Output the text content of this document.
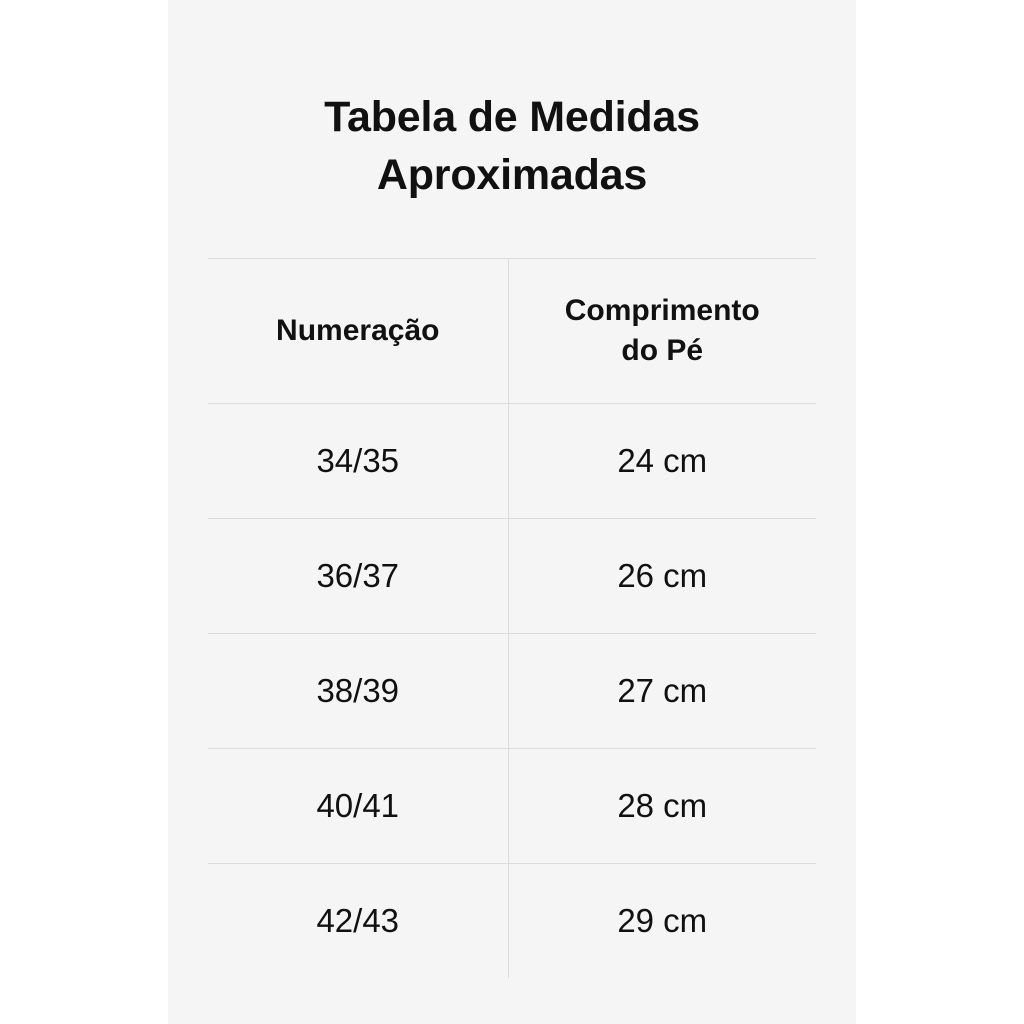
Tabela de Medidas
Aproximadas
Numeração	Comprimento
do Pé
34/35	24 cm
36/37	26 cm
38/39	27 cm
40/41	28 cm
42/43	29 cm
